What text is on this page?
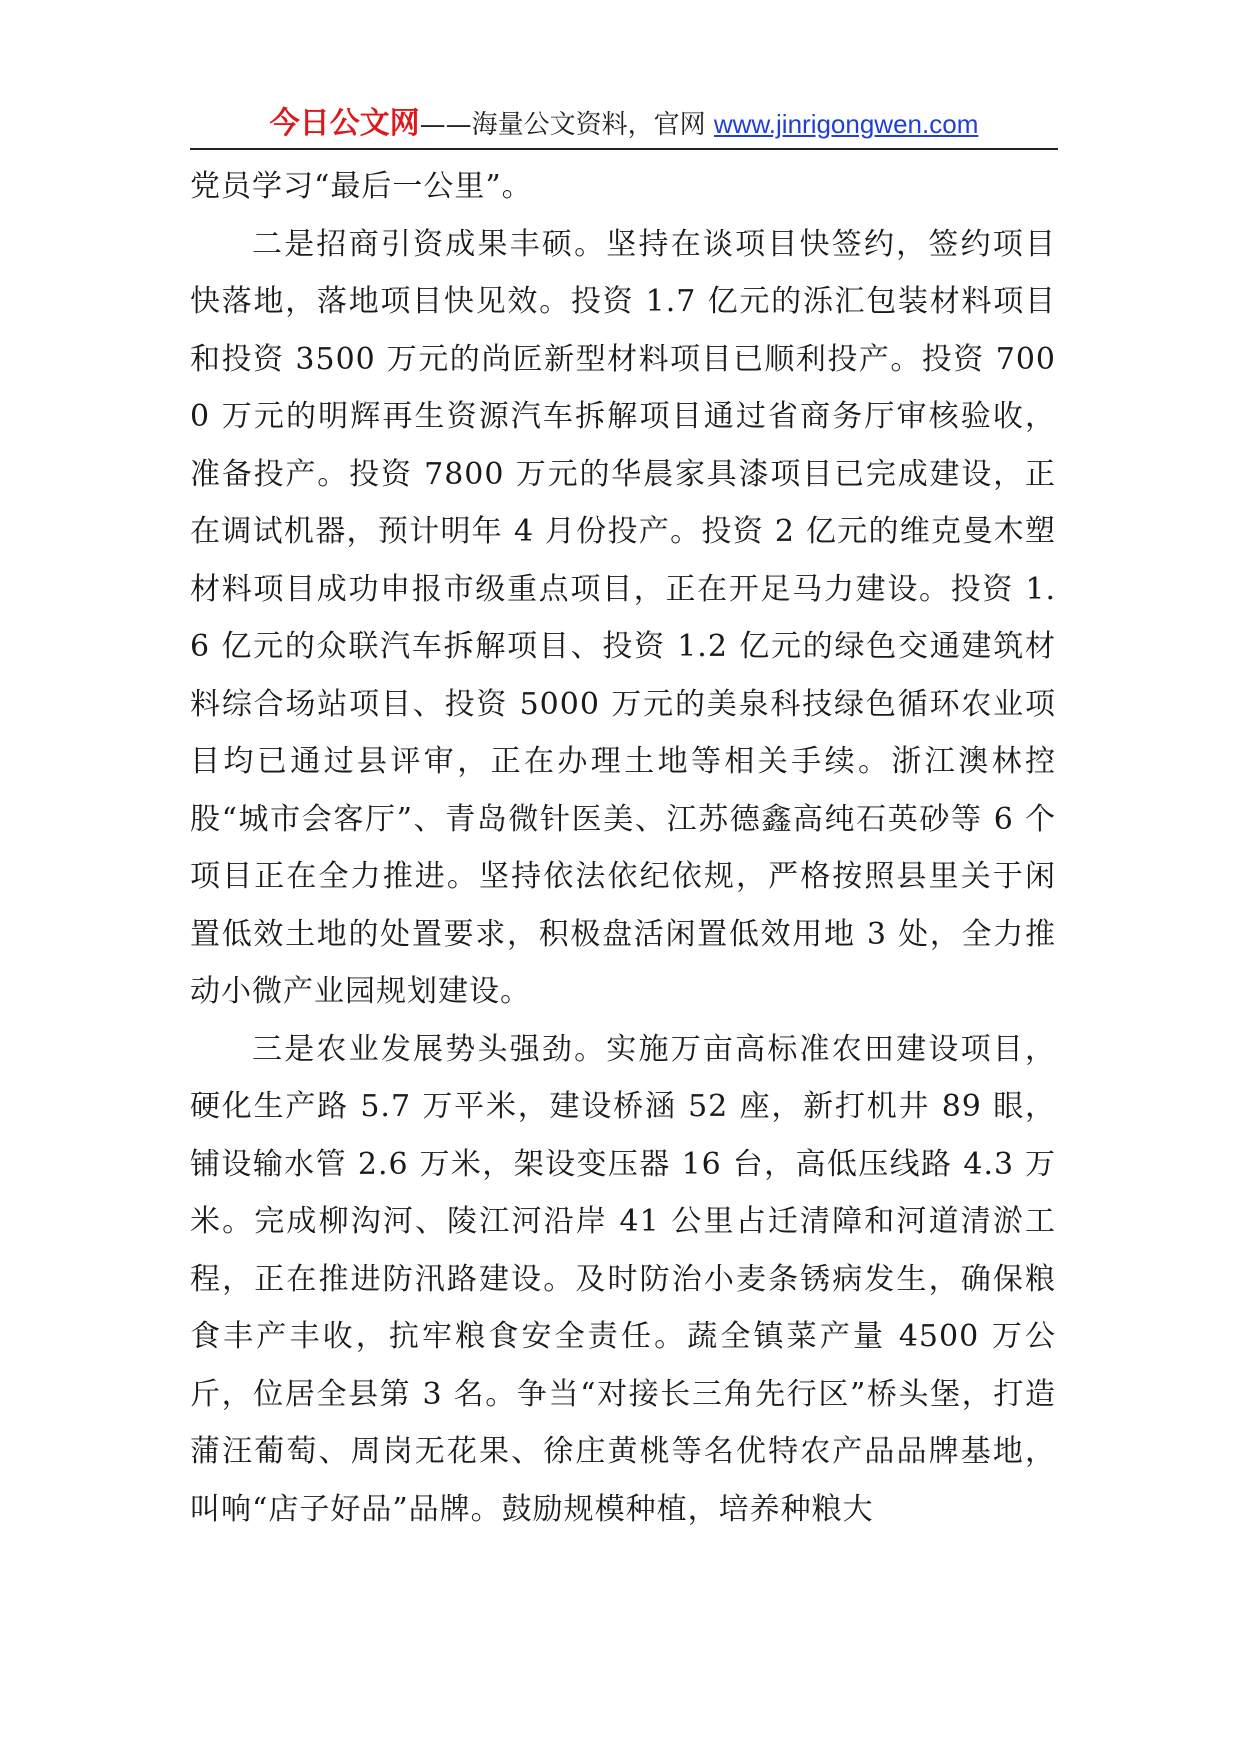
今日公文网——海量公文资料，官网 www.jinrigongwen.com

党员学习“最后一公里”。

二是招商引资成果丰硕。坚持在谈项目快签约，签约项目快落地，落地项目快见效。投资 1.7 亿元的泺汇包装材料项目和投资 3500 万元的尚匠新型材料项目已顺利投产。投资 7000 万元的明辉再生资源汽车拆解项目通过省商务厅审核验收，准备投产。投资 7800 万元的华晨家具漆项目已完成建设，正在调试机器，预计明年 4 月份投产。投资 2 亿元的维克曼木塑材料项目成功申报市级重点项目，正在开足马力建设。投资 1.6 亿元的众联汽车拆解项目、投资 1.2 亿元的绿色交通建筑材料综合场站项目、投资 5000 万元的美泉科技绿色循环农业项目均已通过县评审，正在办理土地等相关手续。浙江澳林控股“城市会客厅”、青岛微针医美、江苏德鑫高纯石英砂等 6 个项目正在全力推进。坚持依法依纪依规，严格按照县里关于闲置低效土地的处置要求，积极盘活闲置低效用地 3 处，全力推动小微产业园规划建设。

三是农业发展势头强劲。实施万亩高标准农田建设项目，硬化生产路 5.7 万平米，建设桥涵 52 座，新打机井 89 眼，铺设输水管 2.6 万米，架设变压器 16 台，高低压线路 4.3 万米。完成柳沟河、陵江河沿岸 41 公里占迁清障和河道清淤工程，正在推进防汛路建设。及时防治小麦条锈病发生，确保粮食丰产丰收，抗牢粮食安全责任。蔬全镇菜产量 4500 万公斤，位居全县第 3 名。争当“对接长三角先行区”桥头堡，打造蒲汪葡萄、周岗无花果、徐庄黄桃等名优特农产品品牌基地，叫响“店子好品”品牌。鼓励规模种植，培养种粮大
